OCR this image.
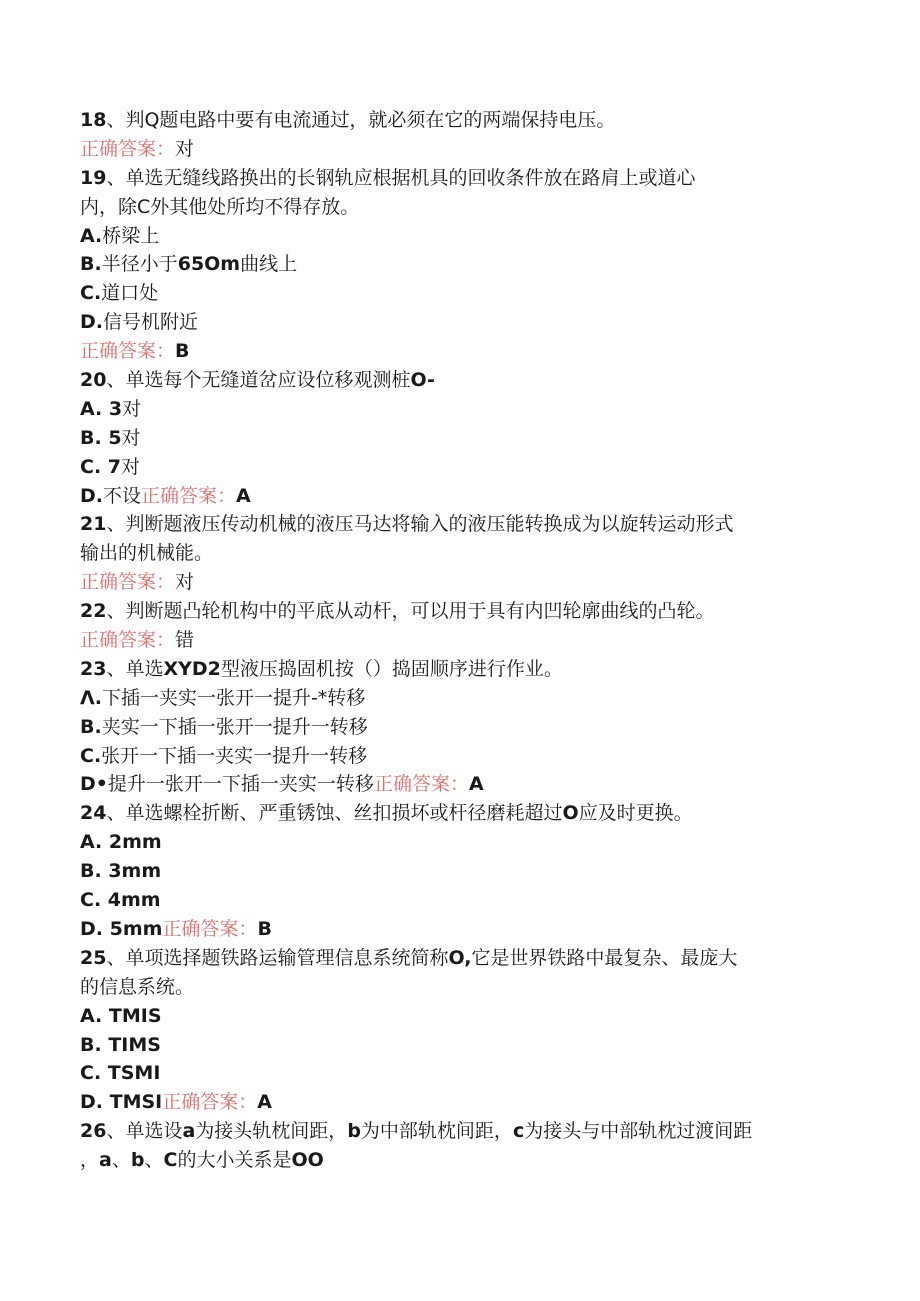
18、判Q题电路中要有电流通过，就必须在它的两端保持电压。
正确答案：对
19、单选无缝线路换出的长钢轨应根据机具的回收条件放在路肩上或道心
内，除C外其他处所均不得存放。
A.桥梁上
B.半径小于65Om曲线上
C.道口处
D.信号机附近
正确答案：B
20、单选每个无缝道岔应设位移观测桩O-
A. 3对
B. 5对
C. 7对
D.不设正确答案：A
21、判断题液压传动机械的液压马达将输入的液压能转换成为以旋转运动形式
输出的机械能。
正确答案：对
22、判断题凸轮机构中的平底从动杆，可以用于具有内凹轮廓曲线的凸轮。
正确答案：错
23、单选XYD2型液压捣固机按（）捣固顺序进行作业。
Λ.下插一夹实一张开一提升-*转移
B.夹实一下插一张开一提升一转移
C.张开一下插一夹实一提升一转移
D•提升一张开一下插一夹实一转移正确答案：A
24、单选螺栓折断、严重锈蚀、丝扣损坏或杆径磨耗超过O应及时更换。
A. 2mm
B. 3mm
C. 4mm
D. 5mm正确答案：B
25、单项选择题铁路运输管理信息系统简称O,它是世界铁路中最复杂、最庞大
的信息系统。
A. TMIS
B. TIMS
C. TSMI
D. TMSI正确答案：A
26、单选设a为接头轨枕间距，b为中部轨枕间距，c为接头与中部轨枕过渡间距
，a、b、C的大小关系是OO
